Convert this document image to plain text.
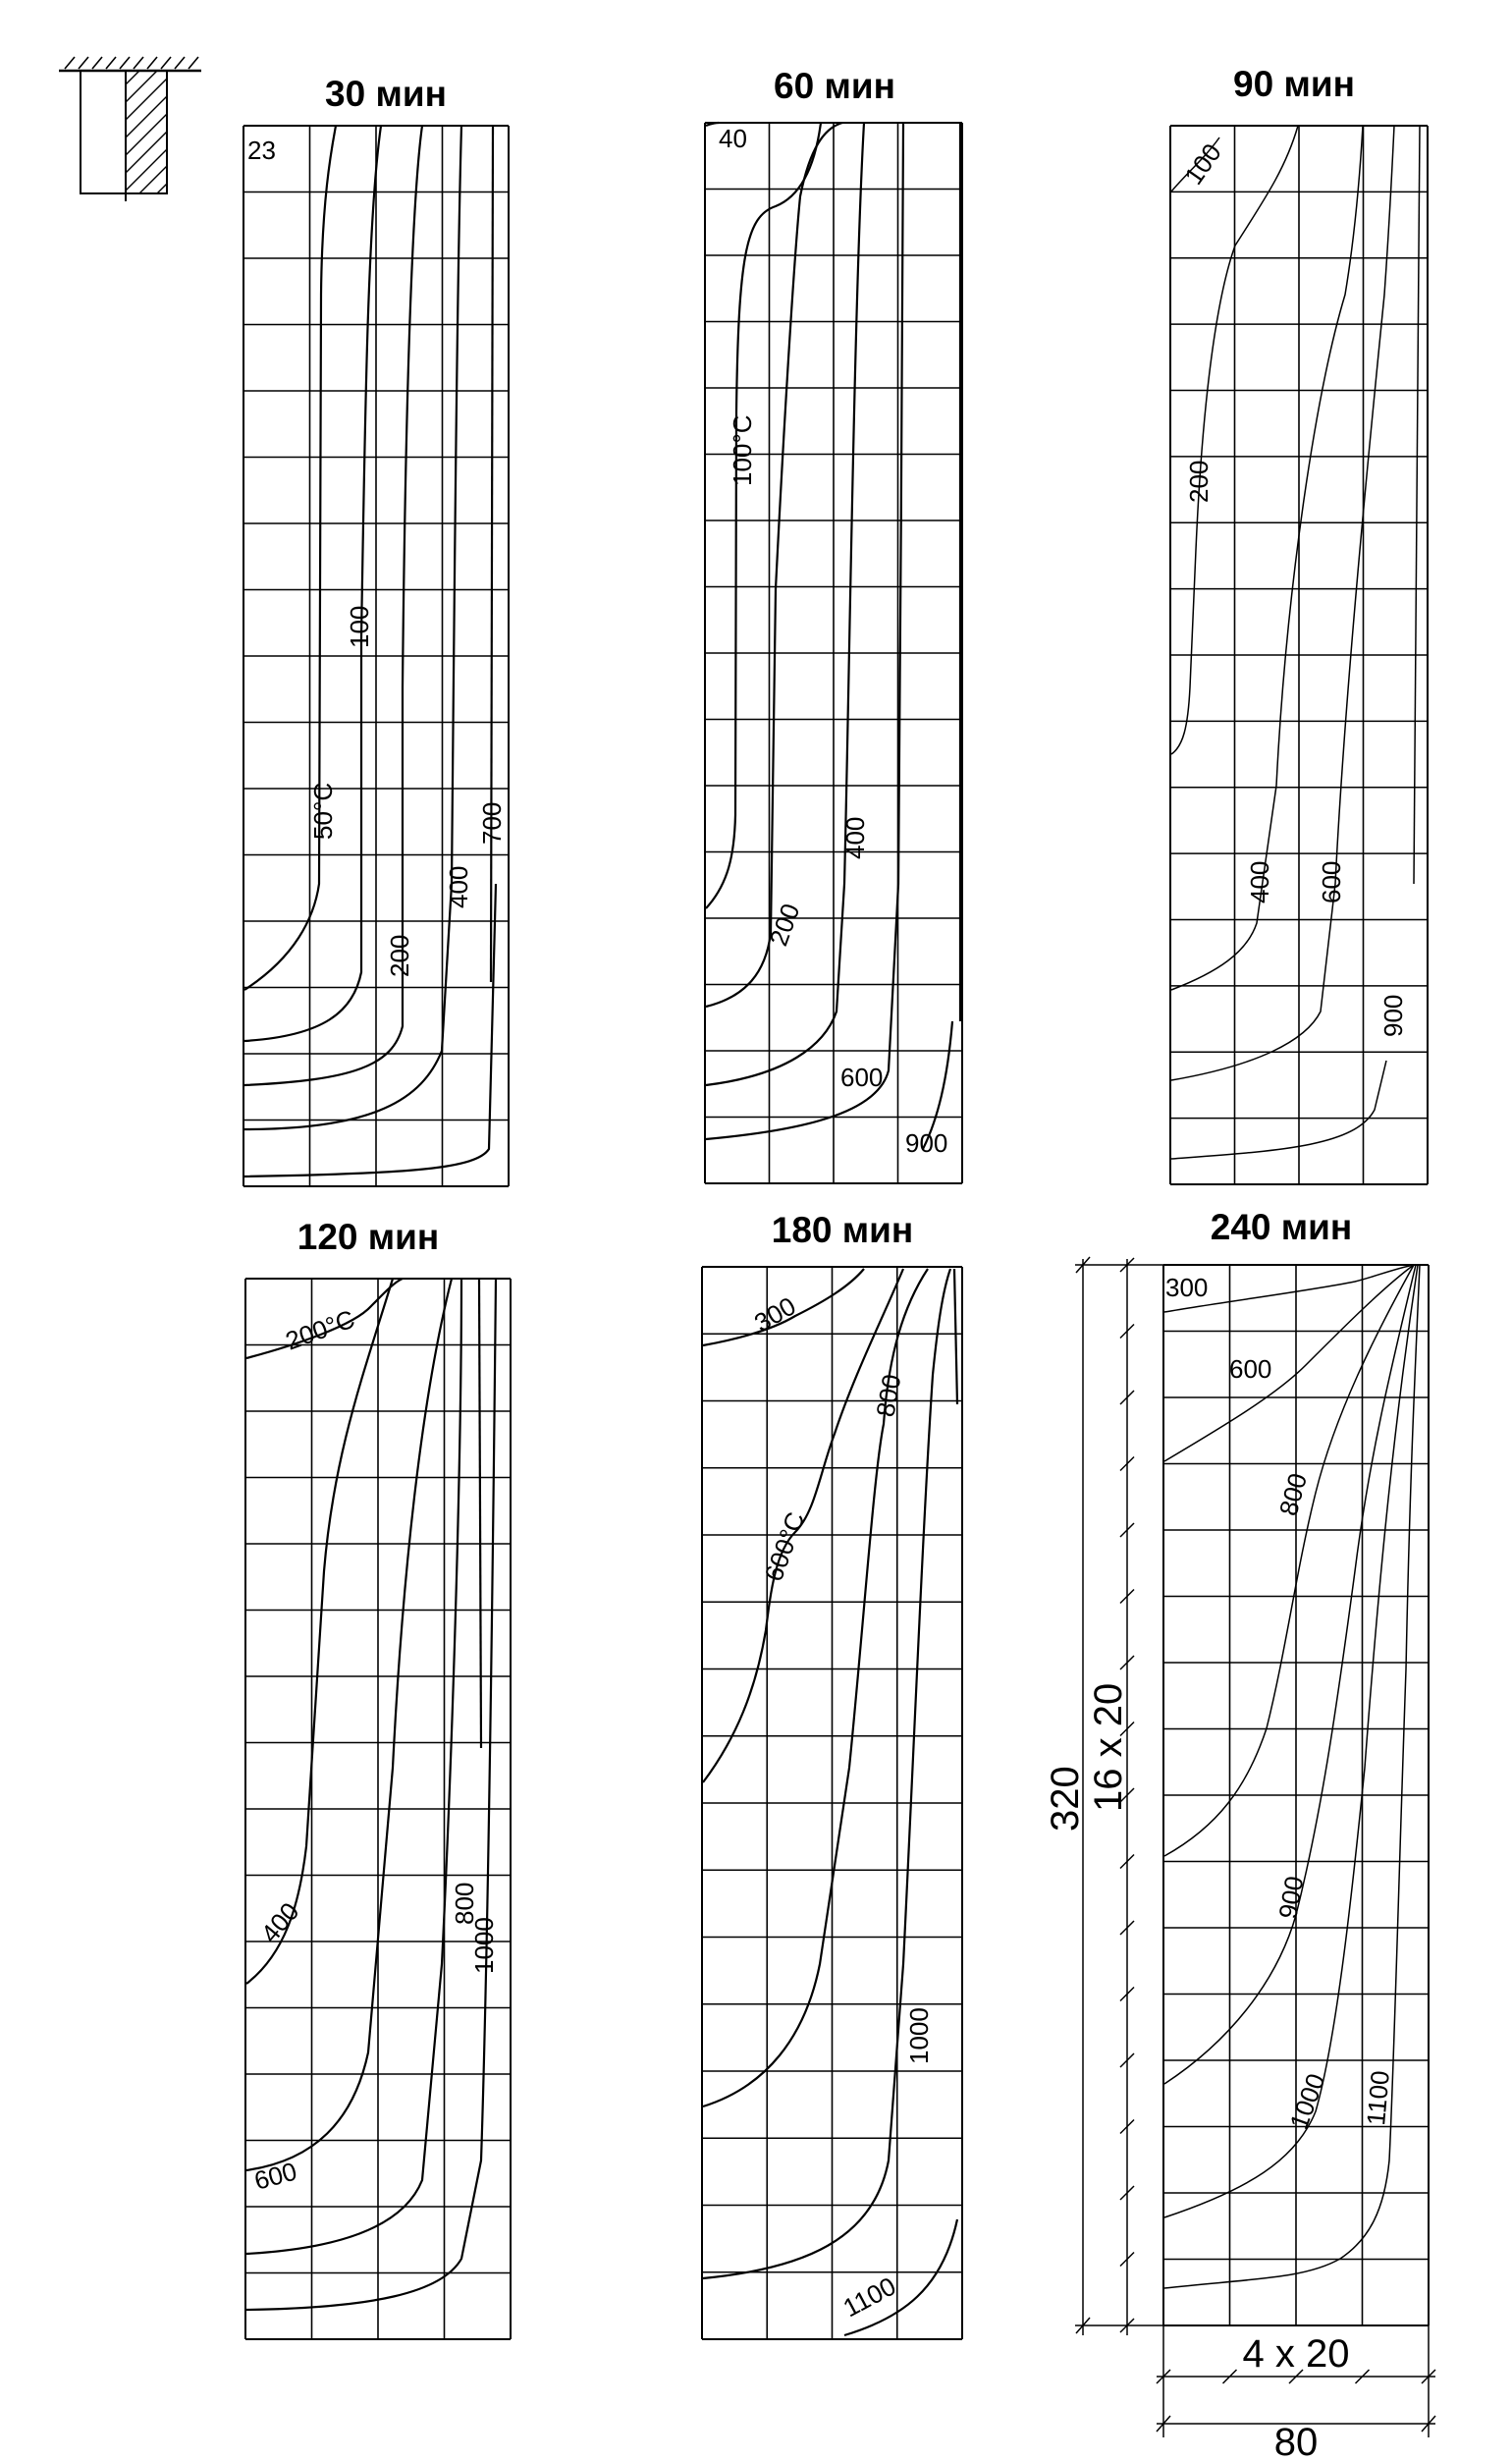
30 мин
23
50°C
100
200
400
700
60 мин
40
100°C
200
400
600
900
90 мин
100
200
400 600
900
120 мин
200°C
400
600
800
1000
180 мин
300
600°C
800
1000
1100
240 мин
300
600
800
900
1000 1100
320 16 x 20
4 x 20
80
